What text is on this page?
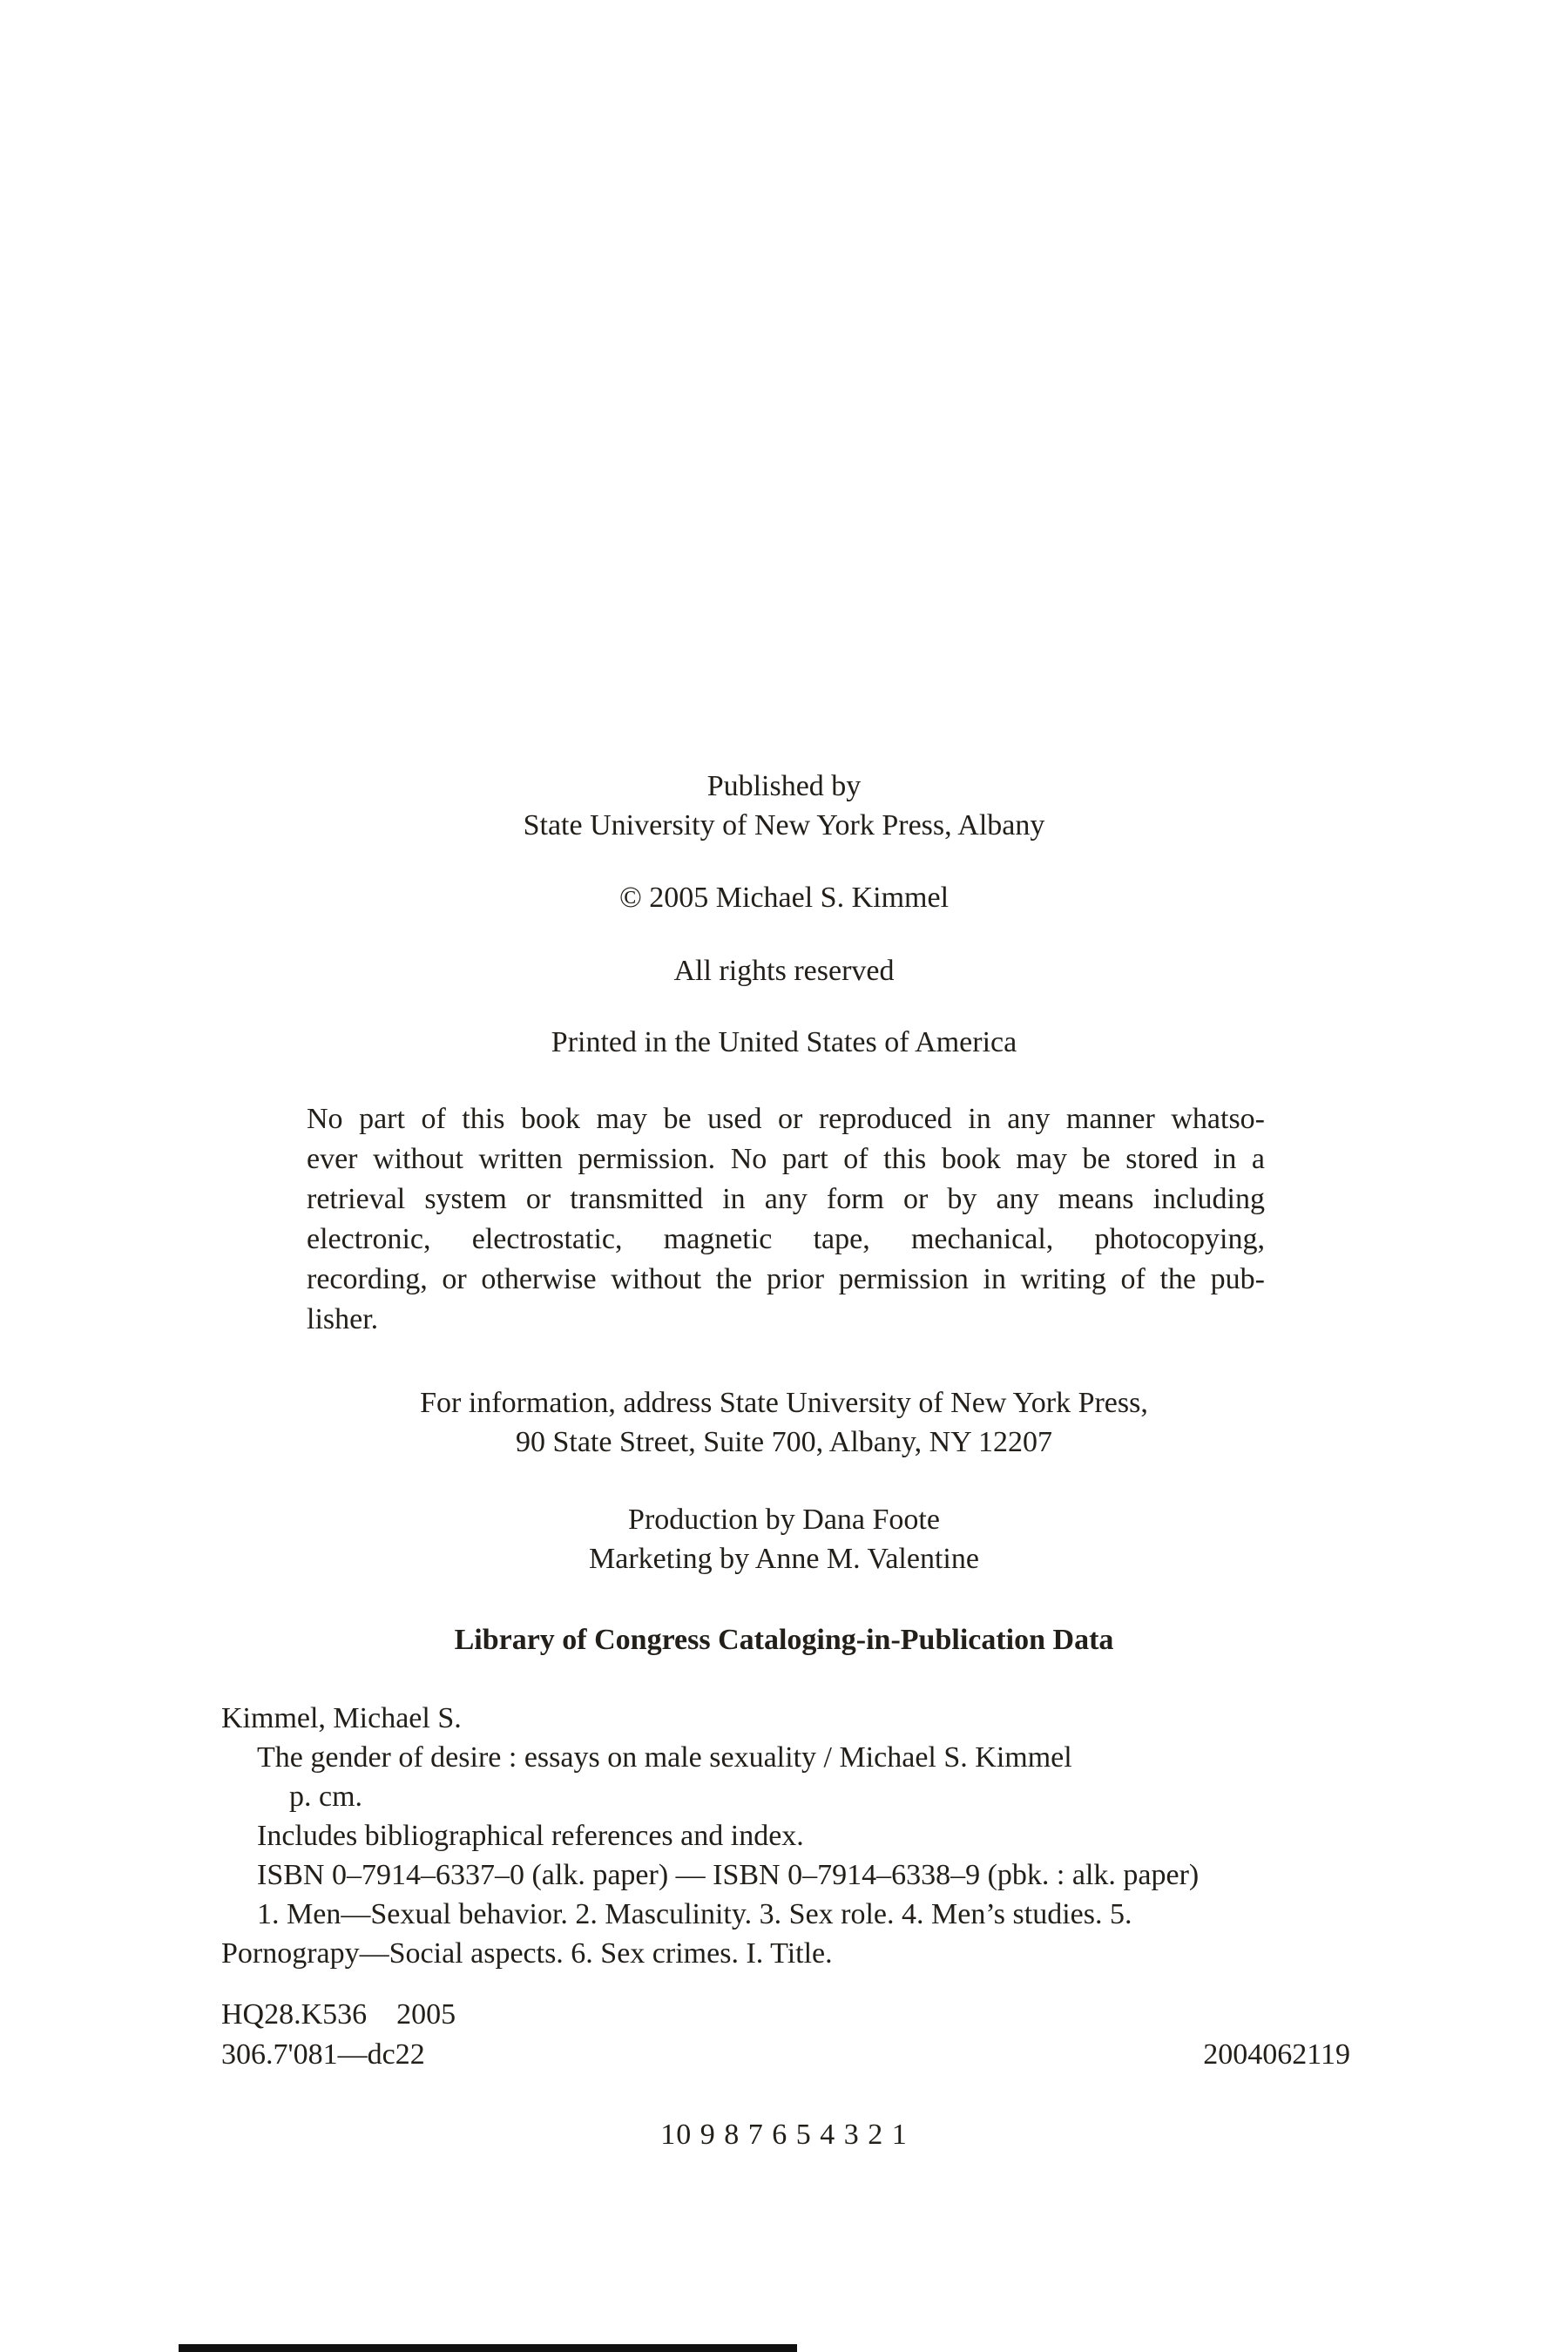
Published by
State University of New York Press, Albany
© 2005 Michael S. Kimmel
All rights reserved
Printed in the United States of America
No part of this book may be used or reproduced in any manner whatso-
ever without written permission. No part of this book may be stored in a
retrieval system or transmitted in any form or by any means including
electronic, electrostatic, magnetic tape, mechanical, photocopying,
recording, or otherwise without the prior permission in writing of the pub-
lisher.
For information, address State University of New York Press,
90 State Street, Suite 700, Albany, NY 12207
Production by Dana Foote
Marketing by Anne M. Valentine
Library of Congress Cataloging-in-Publication Data
Kimmel, Michael S.
The gender of desire : essays on male sexuality / Michael S. Kimmel
p. cm.
Includes bibliographical references and index.
ISBN 0–7914–6337–0 (alk. paper) — ISBN 0–7914–6338–9 (pbk. : alk. paper)
1. Men—Sexual behavior. 2. Masculinity. 3. Sex role. 4. Men’s studies. 5.
Pornograpy—Social aspects. 6. Sex crimes. I. Title.
HQ28.K536    2005
306.7'081—dc22	2004062119
10 9 8 7 6 5 4 3 2 1
